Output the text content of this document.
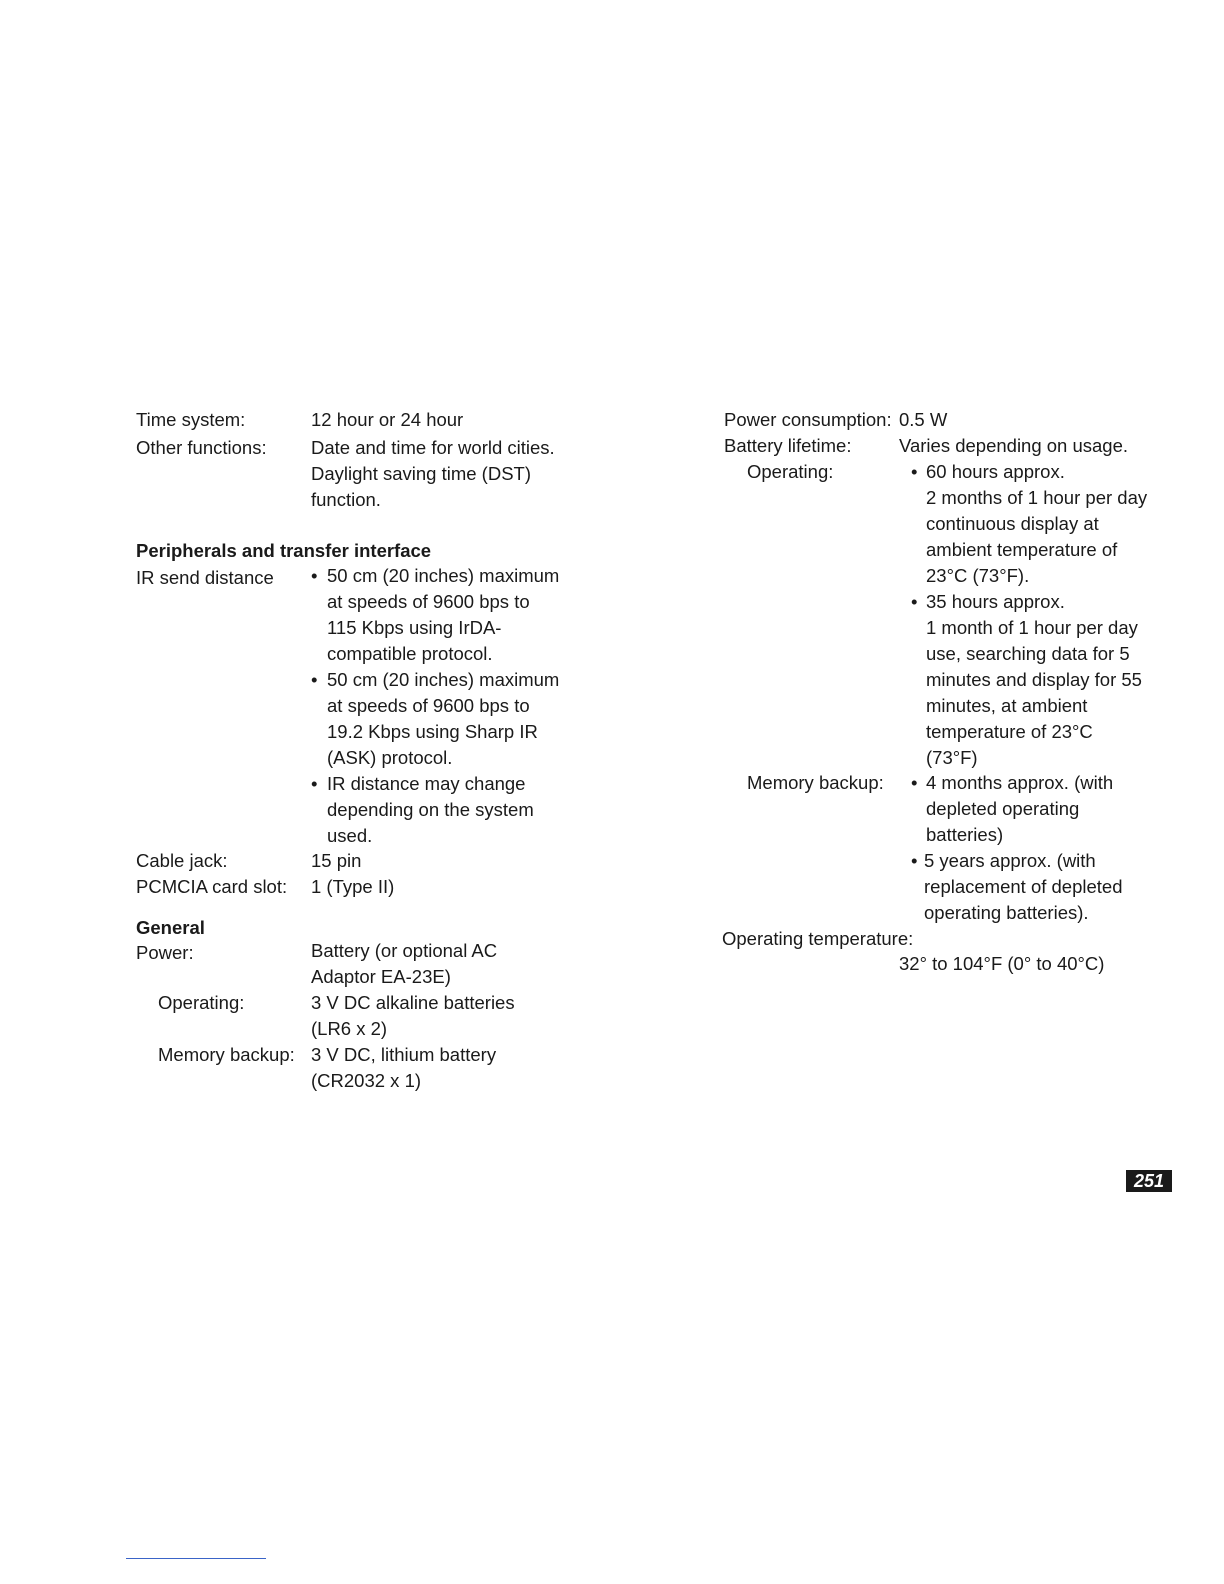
Time system:	12 hour or 24 hour
Other functions: Date and time for world cities.
Daylight saving time (DST)
function.
Peripherals and transfer interface
IR send distance • 50 cm (20 inches) maximum
at speeds of 9600 bps to
115 Kbps using IrDA-
compatible protocol.
• 50 cm (20 inches) maximum
at speeds of 9600 bps to
19.2 Kbps using Sharp IR
(ASK) protocol.
• IR distance may change
depending on the system
used.
Cable jack:	15 pin
PCMCIA card slot: 1 (Type II)
General
Power:	Battery (or optional AC
Adaptor EA-23E)
Operating:	3 V DC alkaline batteries
(LR6 x 2)
Memory backup: 3 V DC, lithium battery
(CR2032 x 1)
Power consumption: 0.5 W
Battery lifetime:	Varies depending on usage.
Operating:	• 60 hours approx.
2 months of 1 hour per day
continuous display at
ambient temperature of
23°C (73°F).
• 35 hours approx.
1 month of 1 hour per day
use, searching data for 5
minutes and display for 55
minutes, at ambient
temperature of 23°C
(73°F)
Memory backup: • 4 months approx. (with
depleted operating
batteries)
• 5 years approx. (with
replacement of depleted
operating batteries).
Operating temperature:
32° to 104°F (0° to 40°C)
251
